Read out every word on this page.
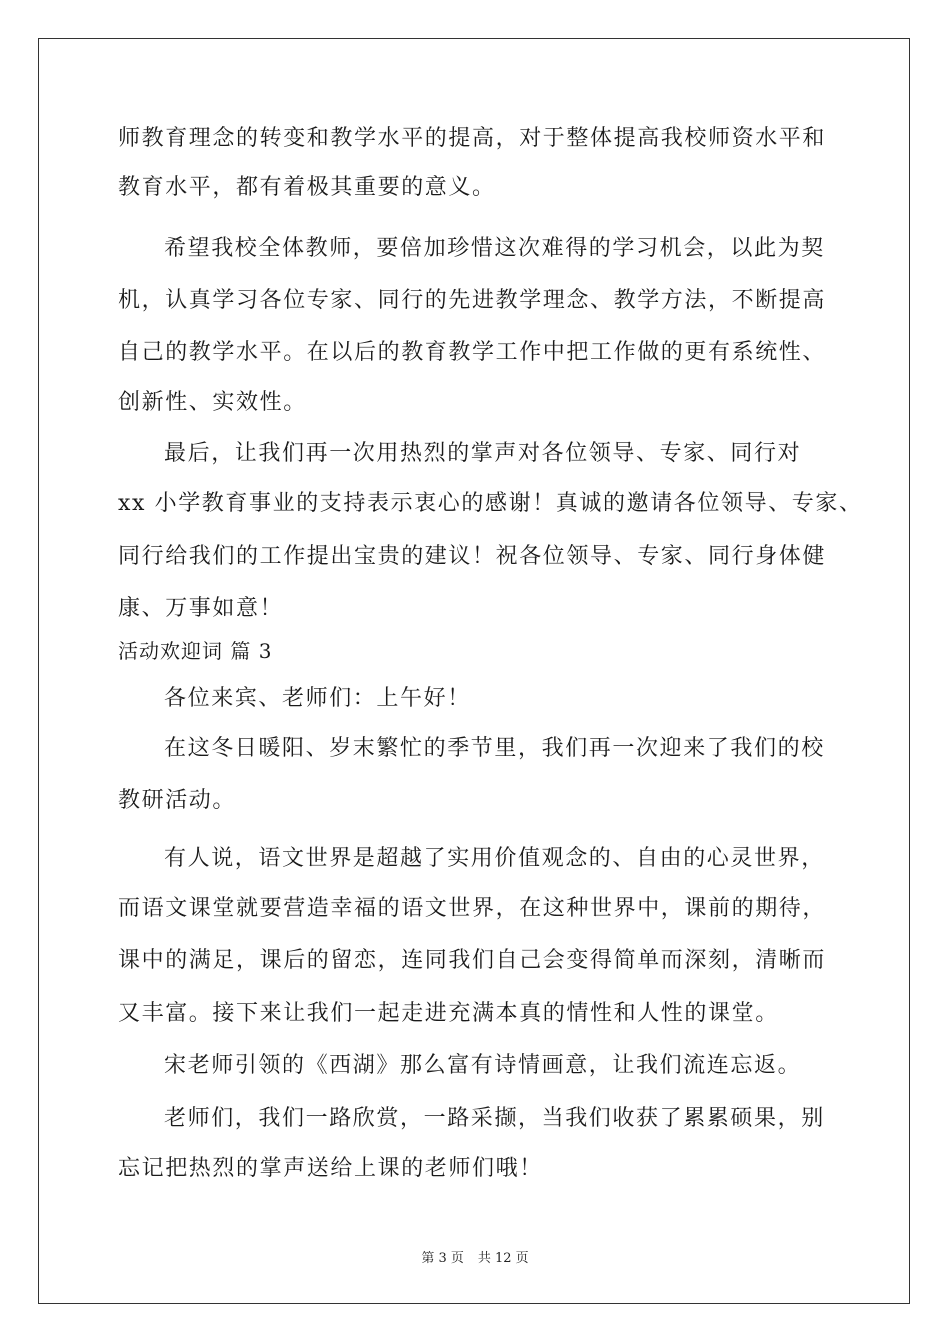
师教育理念的转变和教学水平的提高，对于整体提高我校师资水平和
教育水平，都有着极其重要的意义。
希望我校全体教师，要倍加珍惜这次难得的学习机会，以此为契
机，认真学习各位专家、同行的先进教学理念、教学方法，不断提高
自己的教学水平。在以后的教育教学工作中把工作做的更有系统性、
创新性、实效性。
最后，让我们再一次用热烈的掌声对各位领导、专家、同行对
xx 小学教育事业的支持表示衷心的感谢！真诚的邀请各位领导、专家、
同行给我们的工作提出宝贵的建议！祝各位领导、专家、同行身体健
康、万事如意！
活动欢迎词 篇 3
各位来宾、老师们：上午好！
在这冬日暖阳、岁末繁忙的季节里，我们再一次迎来了我们的校
教研活动。
有人说，语文世界是超越了实用价值观念的、自由的心灵世界，
而语文课堂就要营造幸福的语文世界，在这种世界中，课前的期待，
课中的满足，课后的留恋，连同我们自己会变得简单而深刻，清晰而
又丰富。接下来让我们一起走进充满本真的情性和人性的课堂。
宋老师引领的《西湖》那么富有诗情画意，让我们流连忘返。
老师们，我们一路欣赏，一路采撷，当我们收获了累累硕果，别
忘记把热烈的掌声送给上课的老师们哦！
第 3 页 共 12 页
